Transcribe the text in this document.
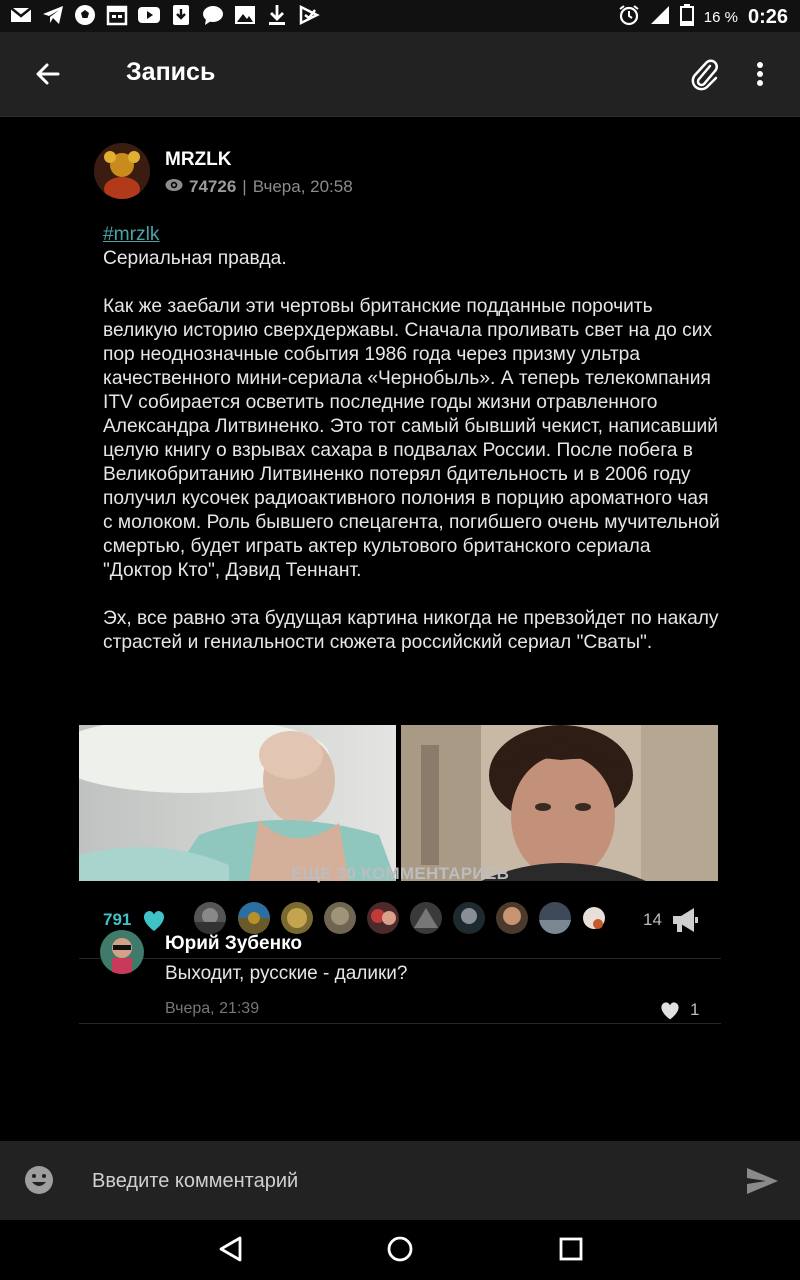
16 % 0:26
Запись
MRZLK
74726 | Вчера, 20:58

#mrzlk

Сериальная правда.

Как же заебали эти чертовы британские подданные порочить великую историю сверхдержавы. Сначала проливать свет на до сих пор неоднозначные события 1986 года через призму ультра качественного мини-сериала «Чернобыль». А теперь телекомпания ITV собирается осветить последние годы жизни отравленного Александра Литвиненко. Это тот самый бывший чекист, написавший целую книгу о взрывах сахара в подвалах России. После побега в Великобританию Литвиненко потерял бдительность и в 2006 году получил кусочек радиоактивного полония в порцию ароматного чая с молоком. Роль бывшего спецагента, погибшего очень мучительной смертью, будет играть актер культового британского сериала "Доктор Кто", Дэвид Теннант.

Эх, все равно эта будущая картина никогда не превзойдет по накалу страстей и гениальности сюжета российский сериал "Сваты".

791	14
ЕЩЕ 30 КОММЕНТАРИЕВ
Юрий Зубенко
Выходит, русские - далики?
Вчера, 21:39	1
Введите комментарий
